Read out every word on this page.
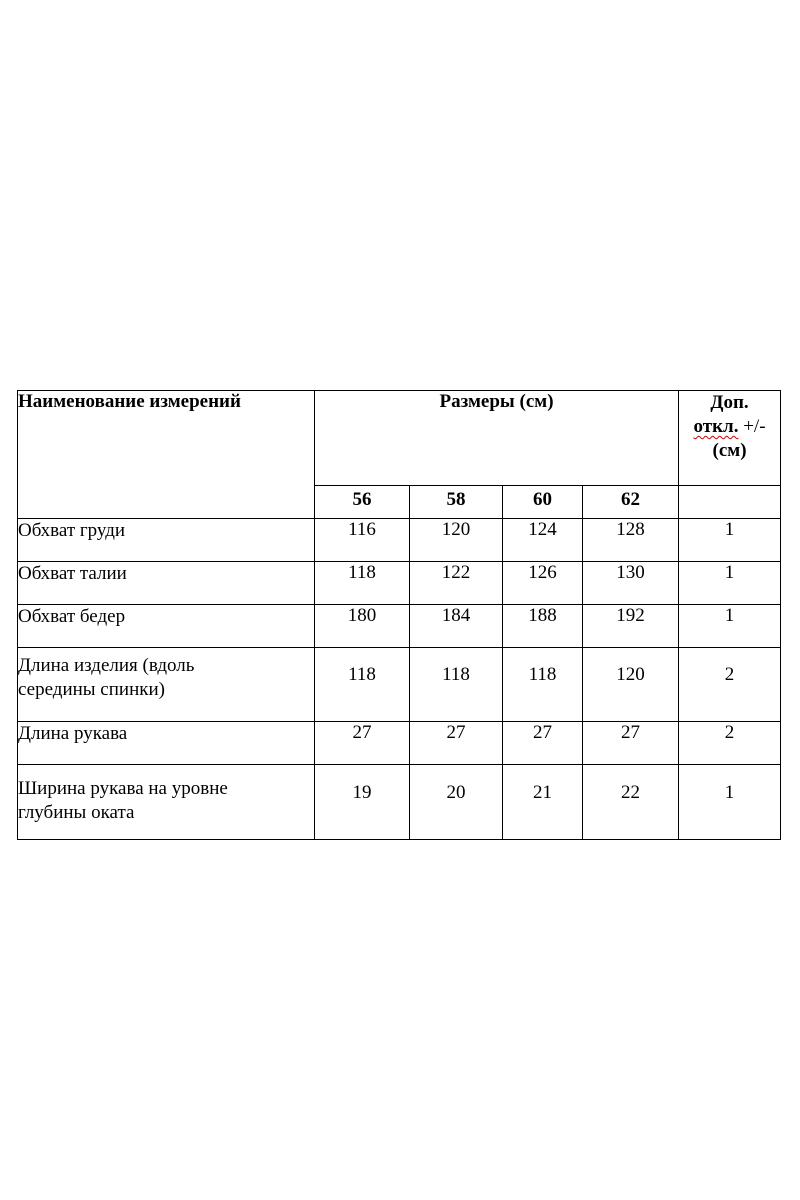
Наименование измерений	Размеры (см)				Доп.
откл. +/-
(см)

	56	58	60	62	
Обхват груди	116	120	124	128	1
Обхват талии	118	122	126	130	1
Обхват бедер	180	184	188	192	1

Длина изделия (вдоль
середины спинки)	118	118	118	120	2
Длина рукава	27	27	27	27	2

Ширина рукава на уровне
глубины оката	19	20	21	22	1
